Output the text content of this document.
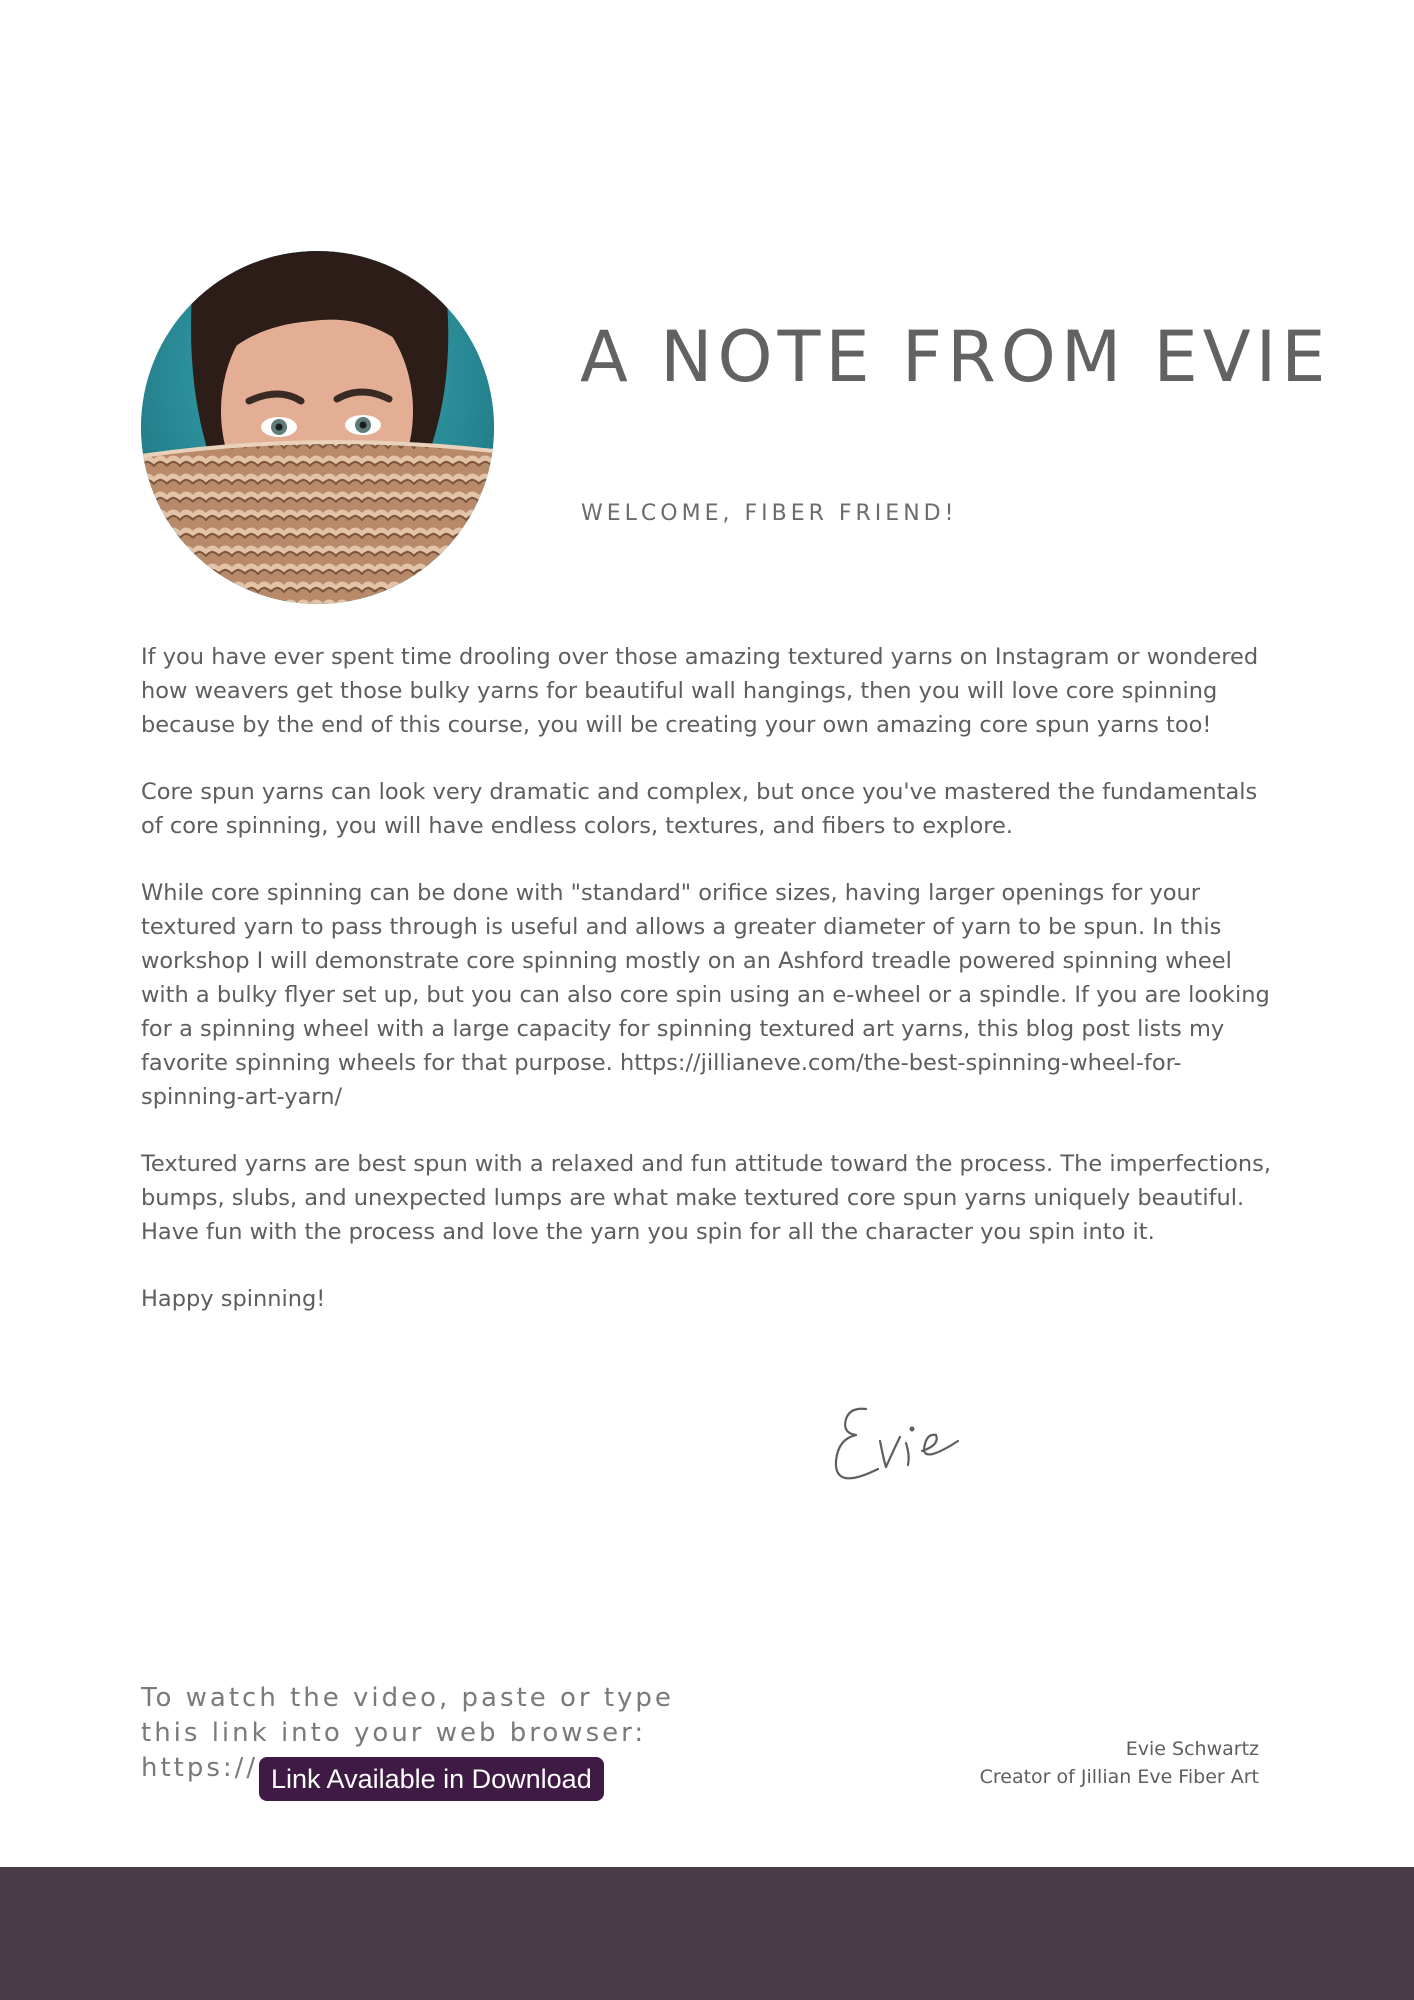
A NOTE FROM EVIE
WELCOME, FIBER FRIEND!

If you have ever spent time drooling over those amazing textured yarns on Instagram or wondered how weavers get those bulky yarns for beautiful wall hangings, then you will love core spinning because by the end of this course, you will be creating your own amazing core spun yarns too!

Core spun yarns can look very dramatic and complex, but once you've mastered the fundamentals of core spinning, you will have endless colors, textures, and fibers to explore.

While core spinning can be done with "standard" orifice sizes, having larger openings for your textured yarn to pass through is useful and allows a greater diameter of yarn to be spun. In this workshop I will demonstrate core spinning mostly on an Ashford treadle powered spinning wheel with a bulky flyer set up, but you can also core spin using an e-wheel or a spindle. If you are looking for a spinning wheel with a large capacity for spinning textured art yarns, this blog post lists my favorite spinning wheels for that purpose. https://jillianeve.com/the-best-spinning-wheel-for-spinning-art-yarn/

Textured yarns are best spun with a relaxed and fun attitude toward the process. The imperfections, bumps, slubs, and unexpected lumps are what make textured core spun yarns uniquely beautiful. Have fun with the process and love the yarn you spin for all the character you spin into it.

Happy spinning!

To watch the video, paste or type this link into your web browser: https:// Link Available in Download
Evie Schwartz
Creator of Jillian Eve Fiber Art
